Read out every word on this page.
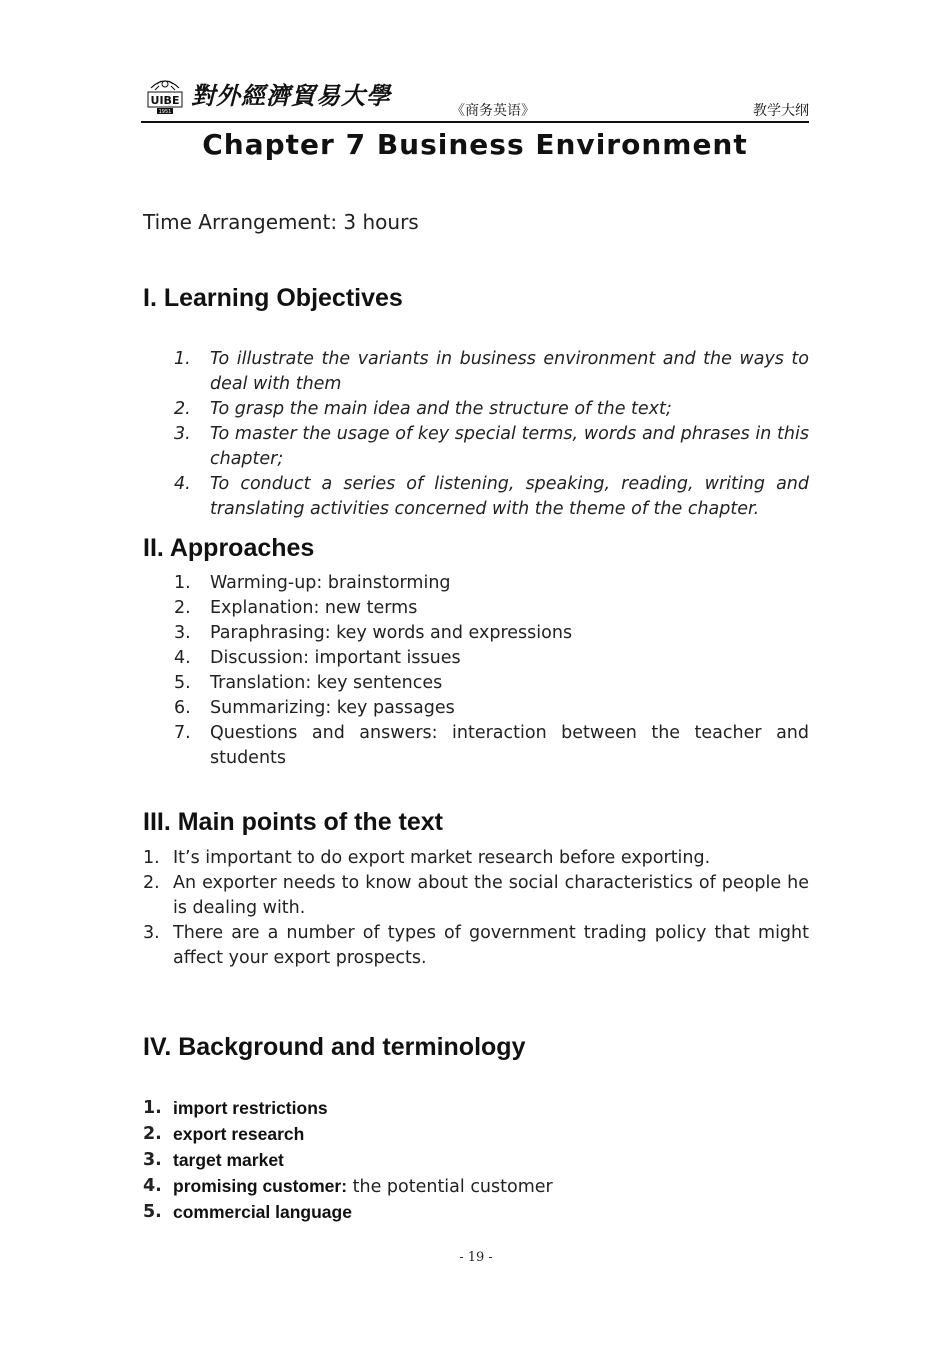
UIBE
1951
對外經濟貿易大學
《商务英语》	教学大纲
Chapter 7 Business Environment
Time Arrangement: 3 hours
I. Learning Objectives
1. To illustrate the variants in business environment and the ways to deal with them
2. To grasp the main idea and the structure of the text;
3. To master the usage of key special terms, words and phrases in this chapter;
4. To conduct a series of listening, speaking, reading, writing and translating activities concerned with the theme of the chapter.
II. Approaches
1. Warming-up: brainstorming
2. Explanation: new terms
3. Paraphrasing: key words and expressions
4. Discussion: important issues
5. Translation: key sentences
6. Summarizing: key passages
7. Questions and answers: interaction between the teacher and students
III. Main points of the text
1. It’s important to do export market research before exporting.
2. An exporter needs to know about the social characteristics of people he is dealing with.
3. There are a number of types of government trading policy that might affect your export prospects.
IV. Background and terminology
1. import restrictions
2. export research
3. target market
4. promising customer: the potential customer
5. commercial language
- 19 -
